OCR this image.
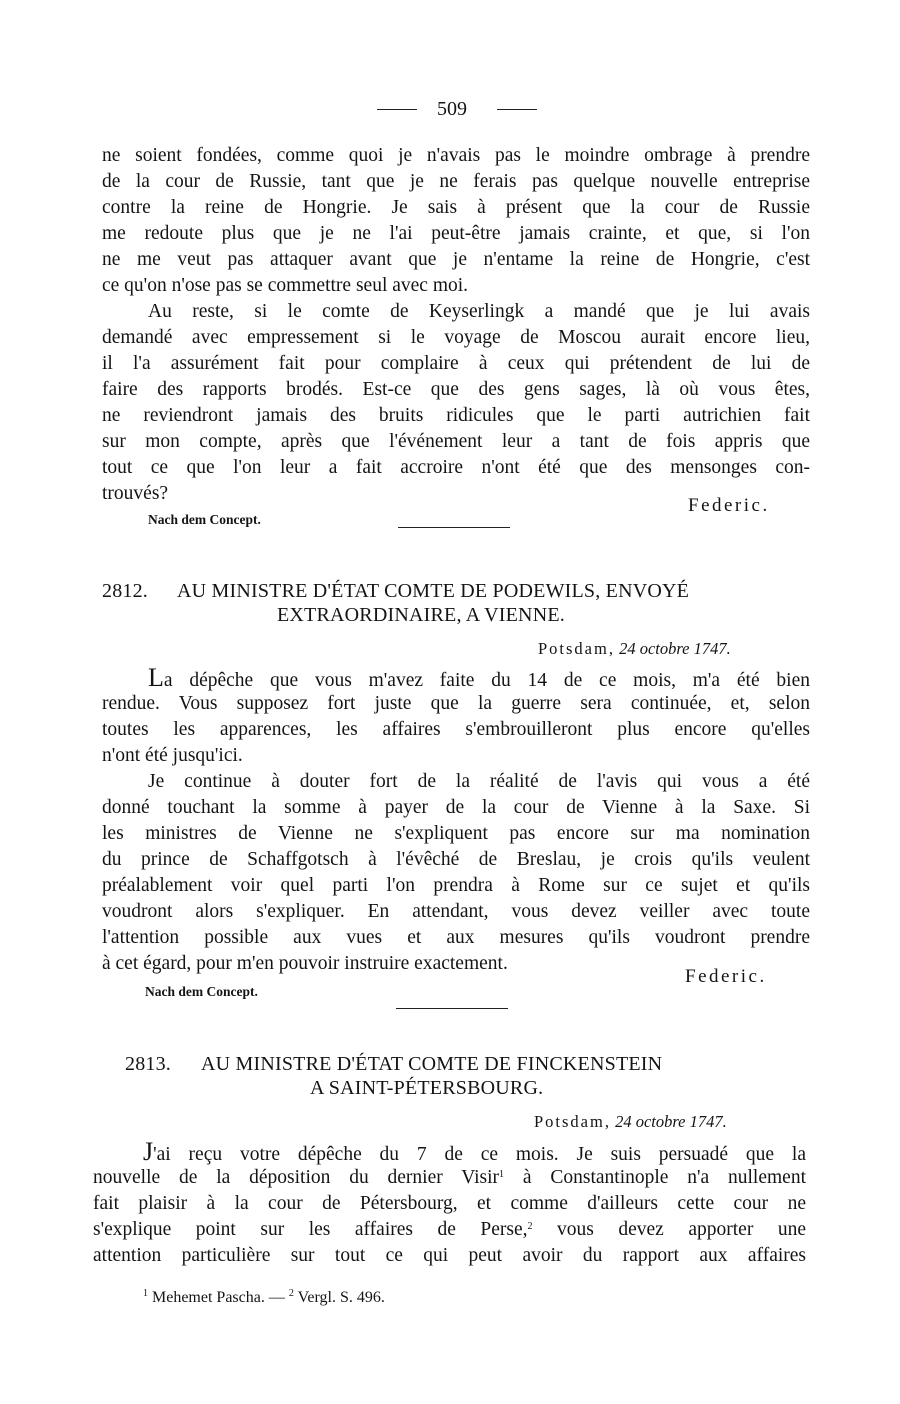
509
ne soient fondées, comme quoi je n'avais pas le moindre ombrage à prendre
de la cour de Russie, tant que je ne ferais pas quelque nouvelle entreprise
contre la reine de Hongrie. Je sais à présent que la cour de Russie
me redoute plus que je ne l'ai peut-être jamais crainte, et que, si l'on
ne me veut pas attaquer avant que je n'entame la reine de Hongrie, c'est
ce qu'on n'ose pas se commettre seul avec moi.
Au reste, si le comte de Keyserlingk a mandé que je lui avais
demandé avec empressement si le voyage de Moscou aurait encore lieu,
il l'a assurément fait pour complaire à ceux qui prétendent de lui de
faire des rapports brodés. Est-ce que des gens sages, là où vous êtes,
ne reviendront jamais des bruits ridicules que le parti autrichien fait
sur mon compte, après que l'événement leur a tant de fois appris que
tout ce que l'on leur a fait accroire n'ont été que des mensonges con-
trouvés?
Federic.
Nach dem Concept.
2812. AU MINISTRE D'ÉTAT COMTE DE PODEWILS, ENVOYÉ
EXTRAORDINAIRE, A VIENNE.
Potsdam, 24 octobre 1747.
La dépêche que vous m'avez faite du 14 de ce mois, m'a été bien
rendue. Vous supposez fort juste que la guerre sera continuée, et, selon
toutes les apparences, les affaires s'embrouilleront plus encore qu'elles
n'ont été jusqu'ici.
Je continue à douter fort de la réalité de l'avis qui vous a été
donné touchant la somme à payer de la cour de Vienne à la Saxe. Si
les ministres de Vienne ne s'expliquent pas encore sur ma nomination
du prince de Schaffgotsch à l'évêché de Breslau, je crois qu'ils veulent
préalablement voir quel parti l'on prendra à Rome sur ce sujet et qu'ils
voudront alors s'expliquer. En attendant, vous devez veiller avec toute
l'attention possible aux vues et aux mesures qu'ils voudront prendre
à cet égard, pour m'en pouvoir instruire exactement.
Federic.
Nach dem Concept.
2813. AU MINISTRE D'ÉTAT COMTE DE FINCKENSTEIN
A SAINT-PÉTERSBOURG.
Potsdam, 24 octobre 1747.
J'ai reçu votre dépêche du 7 de ce mois. Je suis persuadé que la
nouvelle de la déposition du dernier Visir$^1$ à Constantinople n'a nullement
fait plaisir à la cour de Pétersbourg, et comme d'ailleurs cette cour ne
s'explique point sur les affaires de Perse,$^2$ vous devez apporter une
attention particulière sur tout ce qui peut avoir du rapport aux affaires
$^1$ Mehemet Pascha. — $^2$ Vergl. S. 496.
